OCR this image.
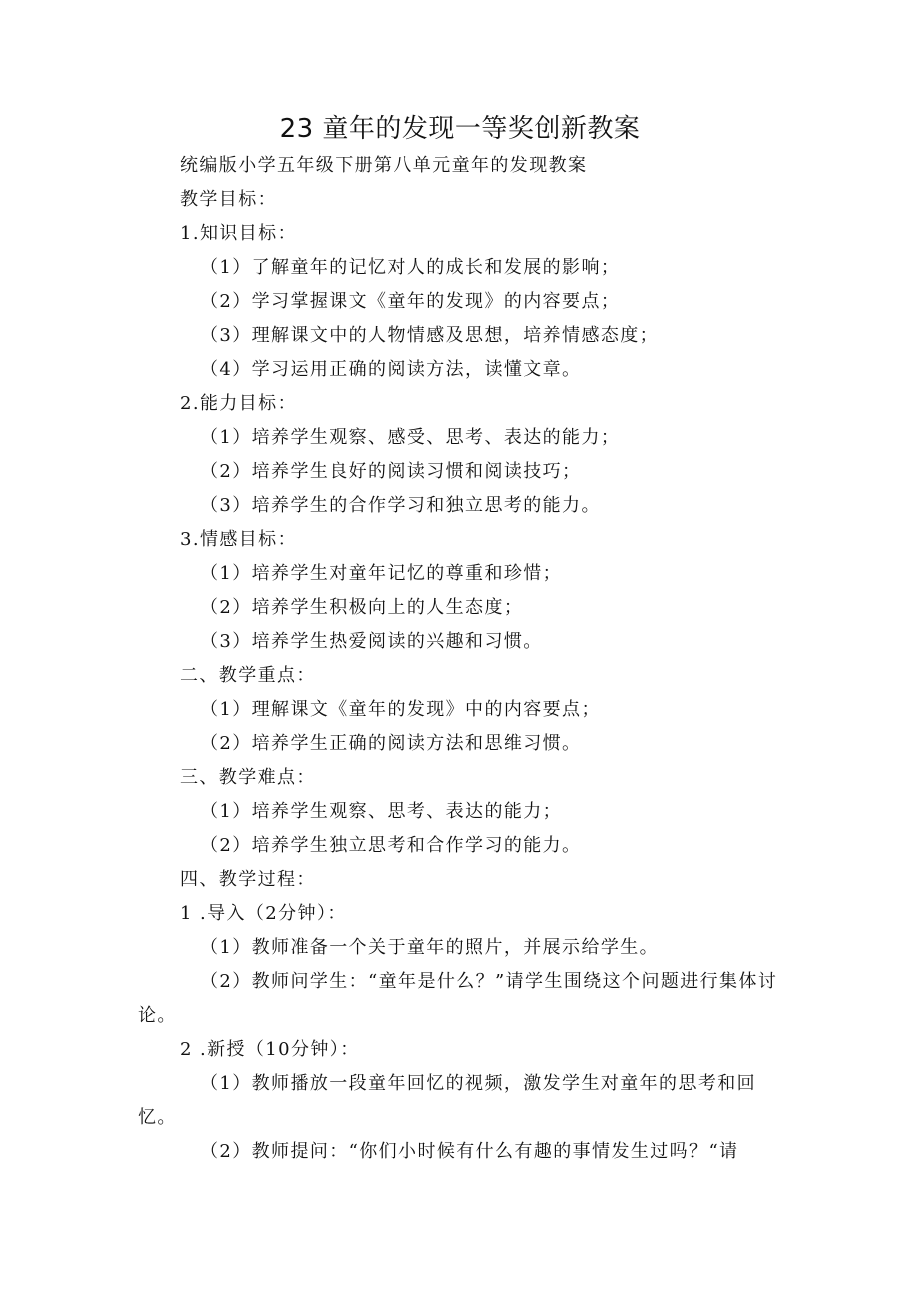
23 童年的发现一等奖创新教案
统编版小学五年级下册第八单元童年的发现教案
教学目标：
1.知识目标：
（1）了解童年的记忆对人的成长和发展的影响；
（2）学习掌握课文《童年的发现》的内容要点；
（3）理解课文中的人物情感及思想，培养情感态度；
（4）学习运用正确的阅读方法，读懂文章。
2.能力目标：
（1）培养学生观察、感受、思考、表达的能力；
（2）培养学生良好的阅读习惯和阅读技巧；
（3）培养学生的合作学习和独立思考的能力。
3.情感目标：
（1）培养学生对童年记忆的尊重和珍惜；
（2）培养学生积极向上的人生态度；
（3）培养学生热爱阅读的兴趣和习惯。
二、教学重点：
（1）理解课文《童年的发现》中的内容要点；
（2）培养学生正确的阅读方法和思维习惯。
三、教学难点：
（1）培养学生观察、思考、表达的能力；
（2）培养学生独立思考和合作学习的能力。
四、教学过程：
1 .导入（2分钟）：
（1）教师准备一个关于童年的照片，并展示给学生。
（2）教师问学生：“童年是什么？”请学生围绕这个问题进行集体讨论。
2 .新授（10分钟）：
（1）教师播放一段童年回忆的视频，激发学生对童年的思考和回忆。
（2）教师提问：“你们小时候有什么有趣的事情发生过吗？“请
